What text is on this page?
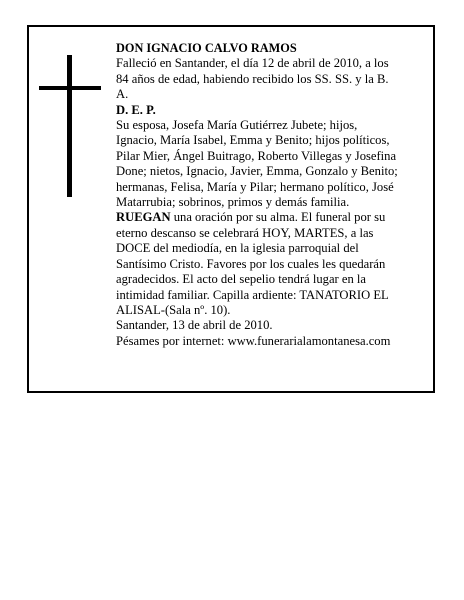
DON IGNACIO CALVO RAMOS
Falleció en Santander, el día 12 de abril de 2010, a los
84 años de edad, habiendo recibido los SS. SS. y la B.
A.
D. E. P.
Su esposa, Josefa María Gutiérrez Jubete; hijos,
Ignacio, María Isabel, Emma y Benito; hijos políticos,
Pilar Mier, Ángel Buitrago, Roberto Villegas y Josefina
Done; nietos, Ignacio, Javier, Emma, Gonzalo y Benito;
hermanas, Felisa, María y Pilar; hermano político, José
Matarrubia; sobrinos, primos y demás familia.
RUEGAN una oración por su alma. El funeral por su
eterno descanso se celebrará HOY, MARTES, a las
DOCE del mediodía, en la iglesia parroquial del
Santísimo Cristo. Favores por los cuales les quedarán
agradecidos. El acto del sepelio tendrá lugar en la
intimidad familiar. Capilla ardiente: TANATORIO EL
ALISAL-(Sala nº. 10).
Santander, 13 de abril de 2010.
Pésames por internet: www.funerarialamontanesa.com
